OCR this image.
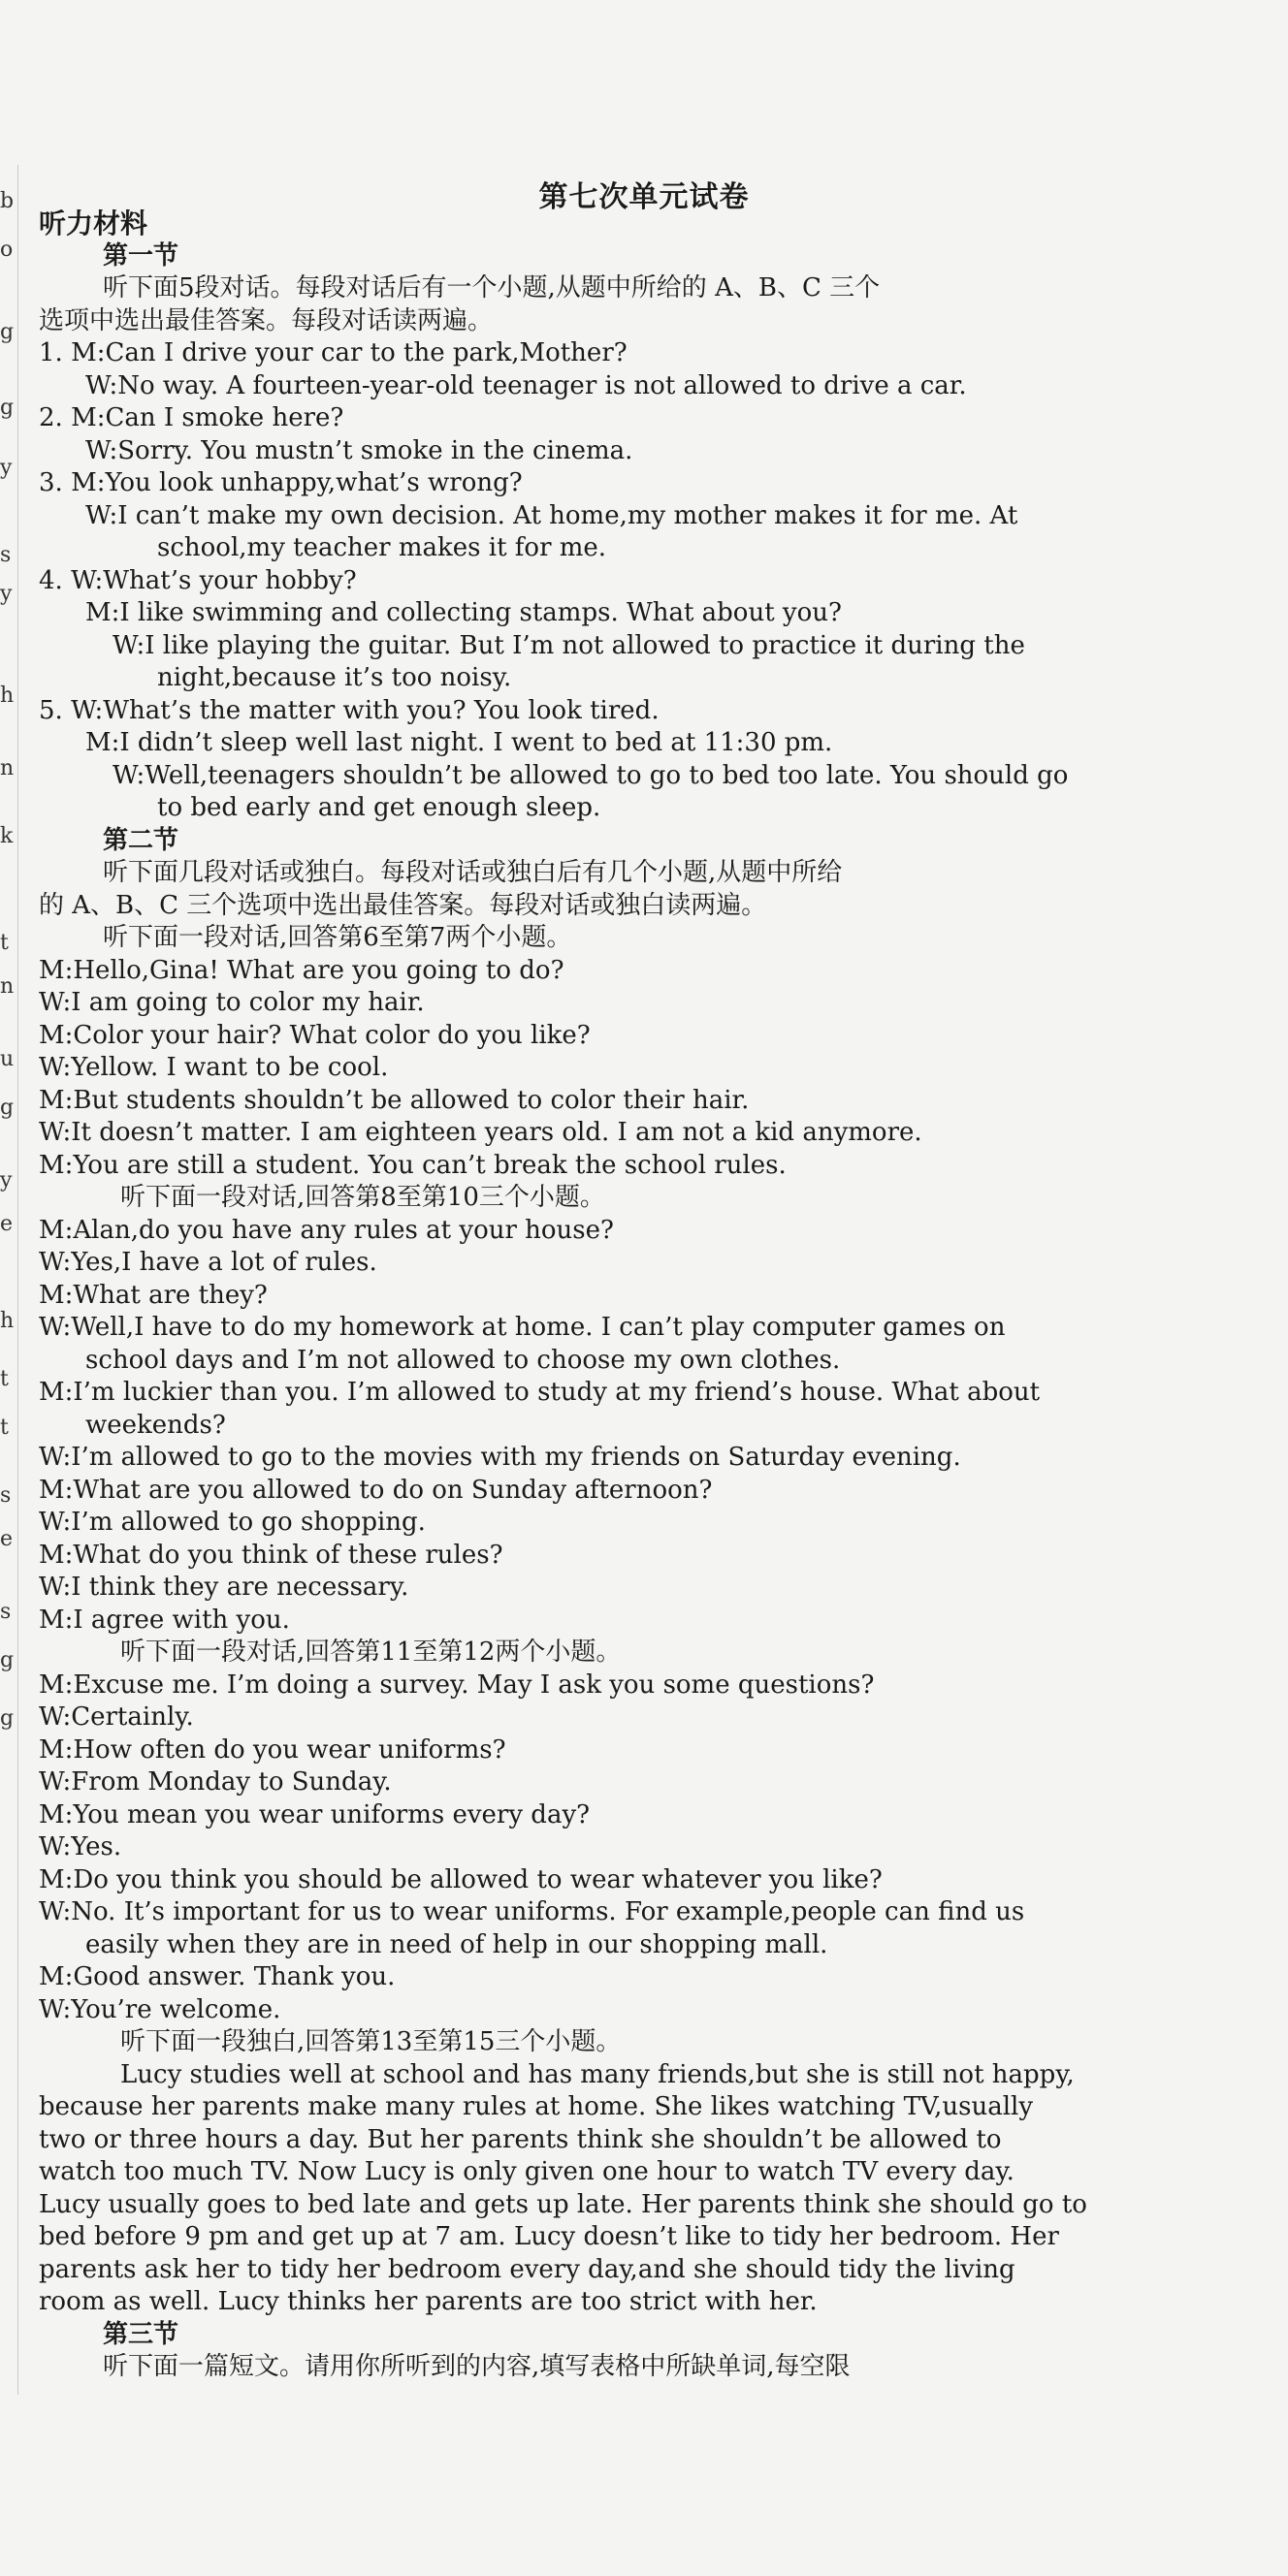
b
o
g
g
y
s
y
h
n
k
t
n
u
g
y
e
h
t
t
s
e
s
g
g
第七次单元试卷
听力材料
第一节
听下面5段对话。每段对话后有一个小题,从题中所给的 A、B、C 三个
选项中选出最佳答案。每段对话读两遍。
1. M:Can I drive your car to the park,Mother?
W:No way. A fourteen-year-old teenager is not allowed to drive a car.
2. M:Can I smoke here?
W:Sorry. You mustn’t smoke in the cinema.
3. M:You look unhappy,what’s wrong?
W:I can’t make my own decision. At home,my mother makes it for me. At
school,my teacher makes it for me.
4. W:What’s your hobby?
M:I like swimming and collecting stamps. What about you?
W:I like playing the guitar. But I’m not allowed to practice it during the
night,because it’s too noisy.
5. W:What’s the matter with you? You look tired.
M:I didn’t sleep well last night. I went to bed at 11:30 pm.
W:Well,teenagers shouldn’t be allowed to go to bed too late. You should go
to bed early and get enough sleep.
第二节
听下面几段对话或独白。每段对话或独白后有几个小题,从题中所给
的 A、B、C 三个选项中选出最佳答案。每段对话或独白读两遍。
听下面一段对话,回答第6至第7两个小题。
M:Hello,Gina! What are you going to do?
W:I am going to color my hair.
M:Color your hair? What color do you like?
W:Yellow. I want to be cool.
M:But students shouldn’t be allowed to color their hair.
W:It doesn’t matter. I am eighteen years old. I am not a kid anymore.
M:You are still a student. You can’t break the school rules.
听下面一段对话,回答第8至第10三个小题。
M:Alan,do you have any rules at your house?
W:Yes,I have a lot of rules.
M:What are they?
W:Well,I have to do my homework at home. I can’t play computer games on
school days and I’m not allowed to choose my own clothes.
M:I’m luckier than you. I’m allowed to study at my friend’s house. What about
weekends?
W:I’m allowed to go to the movies with my friends on Saturday evening.
M:What are you allowed to do on Sunday afternoon?
W:I’m allowed to go shopping.
M:What do you think of these rules?
W:I think they are necessary.
M:I agree with you.
听下面一段对话,回答第11至第12两个小题。
M:Excuse me. I’m doing a survey. May I ask you some questions?
W:Certainly.
M:How often do you wear uniforms?
W:From Monday to Sunday.
M:You mean you wear uniforms every day?
W:Yes.
M:Do you think you should be allowed to wear whatever you like?
W:No. It’s important for us to wear uniforms. For example,people can find us
easily when they are in need of help in our shopping mall.
M:Good answer. Thank you.
W:You’re welcome.
听下面一段独白,回答第13至第15三个小题。
Lucy studies well at school and has many friends,but she is still not happy,
because her parents make many rules at home. She likes watching TV,usually
two or three hours a day. But her parents think she shouldn’t be allowed to
watch too much TV. Now Lucy is only given one hour to watch TV every day.
Lucy usually goes to bed late and gets up late. Her parents think she should go to
bed before 9 pm and get up at 7 am. Lucy doesn’t like to tidy her bedroom. Her
parents ask her to tidy her bedroom every day,and she should tidy the living
room as well. Lucy thinks her parents are too strict with her.
第三节
听下面一篇短文。请用你所听到的内容,填写表格中所缺单词,每空限
